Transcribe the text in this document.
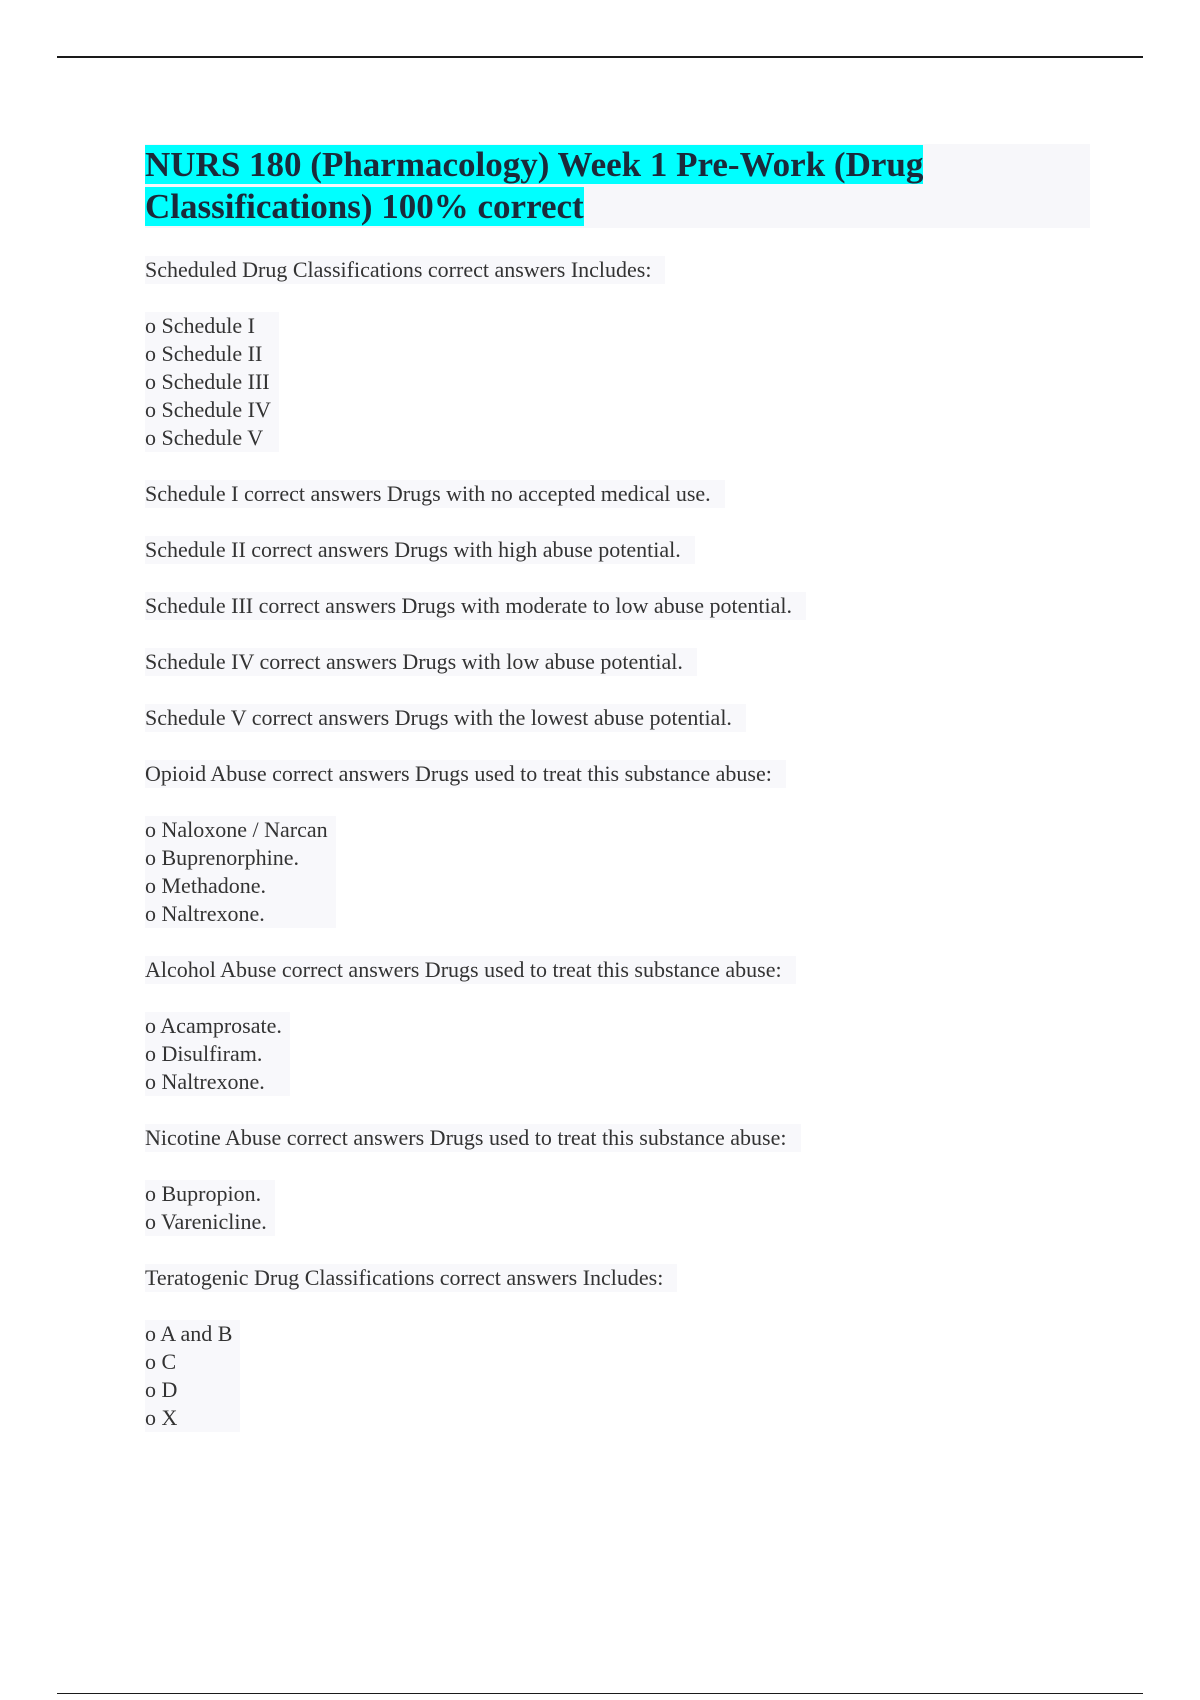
NURS 180 (Pharmacology) Week 1 Pre-Work (Drug Classifications) 100% correct
Scheduled Drug Classifications correct answers Includes:
o Schedule I
o Schedule II
o Schedule III
o Schedule IV
o Schedule V
Schedule I correct answers Drugs with no accepted medical use.
Schedule II correct answers Drugs with high abuse potential.
Schedule III correct answers Drugs with moderate to low abuse potential.
Schedule IV correct answers Drugs with low abuse potential.
Schedule V correct answers Drugs with the lowest abuse potential.
Opioid Abuse correct answers Drugs used to treat this substance abuse:
o Naloxone / Narcan
o Buprenorphine.
o Methadone.
o Naltrexone.
Alcohol Abuse correct answers Drugs used to treat this substance abuse:
o Acamprosate.
o Disulfiram.
o Naltrexone.
Nicotine Abuse correct answers Drugs used to treat this substance abuse:
o Bupropion.
o Varenicline.
Teratogenic Drug Classifications correct answers Includes:
o A and B
o C
o D
o X
